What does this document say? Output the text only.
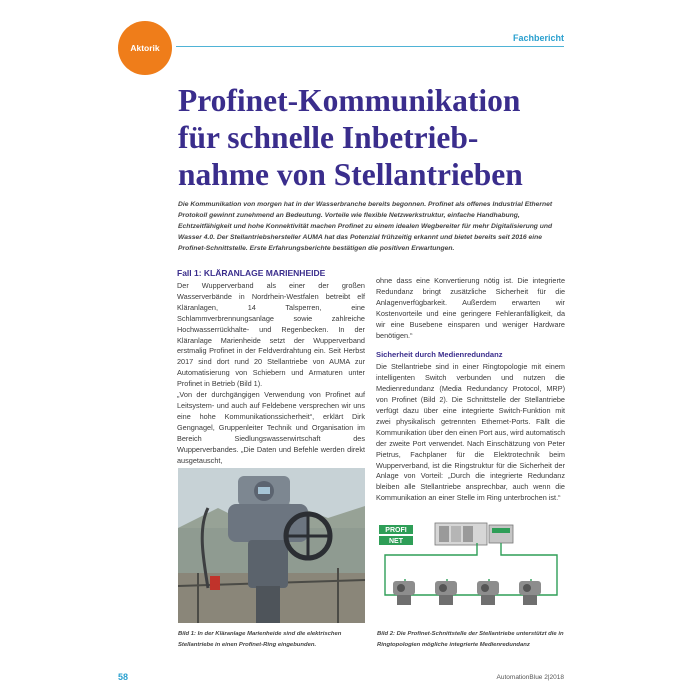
Aktorik
Fachbericht
Profinet-Kommunikation
für schnelle Inbetrieb-
nahme von Stellantrieben

Die Kommunikation von morgen hat in der Wasserbranche bereits begonnen. Profinet als offenes Industrial Ethernet Protokoll gewinnt zunehmend an Bedeutung. Vorteile wie flexible Netzwerkstruktur, einfache Handhabung, Echtzeitfähigkeit und hohe Konnektivität machen Profinet zu einem idealen Wegbereiter für mehr Digitalisierung und Wasser 4.0. Der Stellantriebshersteller AUMA hat das Potenzial frühzeitig erkannt und bietet bereits seit 2016 eine Profinet-Schnittstelle. Erste Erfahrungsberichte bestätigen die positiven Erwartungen.

Fall 1: KLÄRANLAGE MARIENHEIDE

Der Wupperverband als einer der großen Wasserverbände in Nordrhein-Westfalen betreibt elf Kläranlagen, 14 Talsperren, eine Schlammverbrennungsanlage sowie zahlreiche Hochwasserrückhalte- und Regenbecken. In der Kläranlage Marienheide setzt der Wupperverband erstmalig Profinet in der Feldverdrahtung ein. Seit Herbst 2017 sind dort rund 20 Stellantriebe von AUMA zur Automatisierung von Schiebern und Armaturen unter Profinet in Betrieb (Bild 1).

„Von der durchgängigen Verwendung von Profinet auf Leitsystem- und auch auf Feldebene versprechen wir uns eine hohe Kommunikationssicherheit“, erklärt Dirk Gengnagel, Gruppenleiter Technik und Organisation im Bereich Siedlungswasserwirtschaft des Wupperverbandes. „Die Daten und Befehle werden direkt ausgetauscht,

ohne dass eine Konvertierung nötig ist. Die integrierte Redundanz bringt zusätzliche Sicherheit für die Anlagenverfügbarkeit. Außerdem erwarten wir Kostenvorteile und eine geringere Fehleranfälligkeit, da wir eine Busebene einsparen und weniger Hardware benötigen.“

Sicherheit durch Medienredundanz

Die Stellantriebe sind in einer Ringtopologie mit einem intelligenten Switch verbunden und nutzen die Medienredundanz (Media Redundancy Protocol, MRP) von Profinet (Bild 2). Die Schnittstelle der Stellantriebe verfügt dazu über eine integrierte Switch-Funktion mit zwei physikalisch getrennten Ethernet-Ports. Fällt die Kommunikation über den einen Port aus, wird automatisch der zweite Port verwendet. Nach Einschätzung von Peter Pietrus, Fachplaner für die Elektrotechnik beim Wupperverband, ist die Ringstruktur für die Sicherheit der Anlage von Vorteil: „Durch die integrierte Redundanz bleiben alle Stellantriebe ansprechbar, auch wenn die Kommunikation an einer Stelle im Ring unterbrochen ist.“

PROFI
NET

Bild 1: In der Kläranlage Marienheide sind die elektrischen Stellantriebe in einen Profinet-Ring eingebunden.

Bild 2: Die Profinet-Schnittstelle der Stellantriebe unterstützt die in Ringtopologien mögliche integrierte Medienredundanz

58	AutomationBlue 2|2018
